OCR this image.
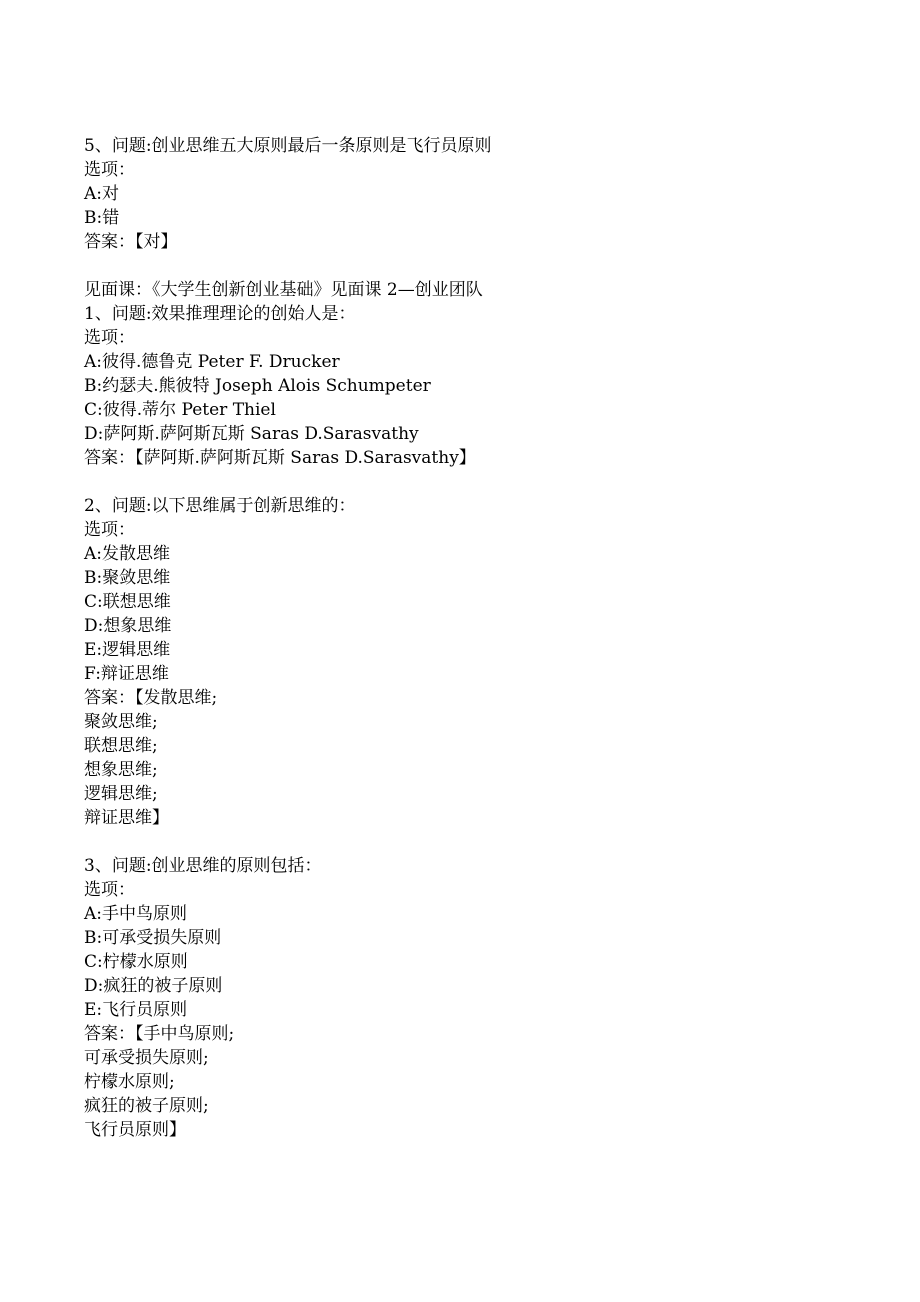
5、问题:创业思维五大原则最后一条原则是飞行员原则
选项：
A:对
B:错
答案：【对】
见面课：《大学生创新创业基础》见面课 2—创业团队
1、问题:效果推理理论的创始人是：
选项：
A:彼得.德鲁克 Peter F. Drucker
B:约瑟夫.熊彼特 Joseph Alois Schumpeter
C:彼得.蒂尔 Peter Thiel
D:萨阿斯.萨阿斯瓦斯 Saras D.Sarasvathy
答案：【萨阿斯.萨阿斯瓦斯 Saras D.Sarasvathy】
2、问题:以下思维属于创新思维的：
选项：
A:发散思维
B:聚敛思维
C:联想思维
D:想象思维
E:逻辑思维
F:辩证思维
答案：【发散思维;
聚敛思维;
联想思维;
想象思维;
逻辑思维;
辩证思维】
3、问题:创业思维的原则包括：
选项：
A:手中鸟原则
B:可承受损失原则
C:柠檬水原则
D:疯狂的被子原则
E:飞行员原则
答案：【手中鸟原则;
可承受损失原则;
柠檬水原则;
疯狂的被子原则;
飞行员原则】
